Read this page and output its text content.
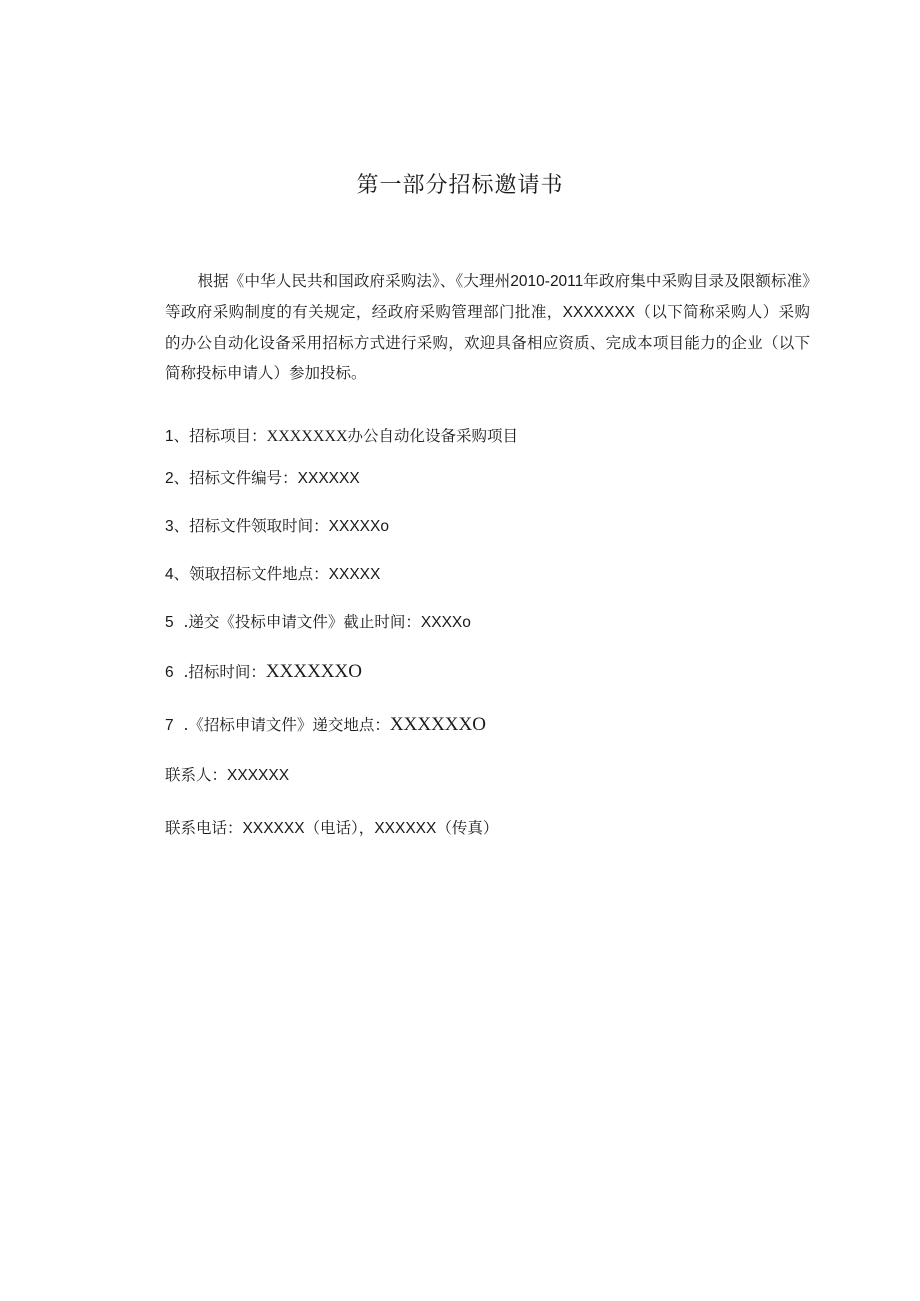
第一部分招标邀请书

根据《中华人民共和国政府采购法》、《大理州2010-2011年政府集中采购目录及限额标准》等政府采购制度的有关规定，经政府采购管理部门批准，XXXXXXX（以下简称采购人）采购的办公自动化设备采用招标方式进行采购，欢迎具备相应资质、完成本项目能力的企业（以下简称投标申请人）参加投标。

1、招标项目：XXXXXXX办公自动化设备采购项目

2、招标文件编号：XXXXXX

3、招标文件领取时间：XXXXXo

4、领取招标文件地点：XXXXX

5  .递交《投标申请文件》截止时间：XXXXo

6  .招标时间：XXXXXXO

7  .《招标申请文件》递交地点：XXXXXXO

联系人：XXXXXX

联系电话：XXXXXX（电话），XXXXXX（传真）
